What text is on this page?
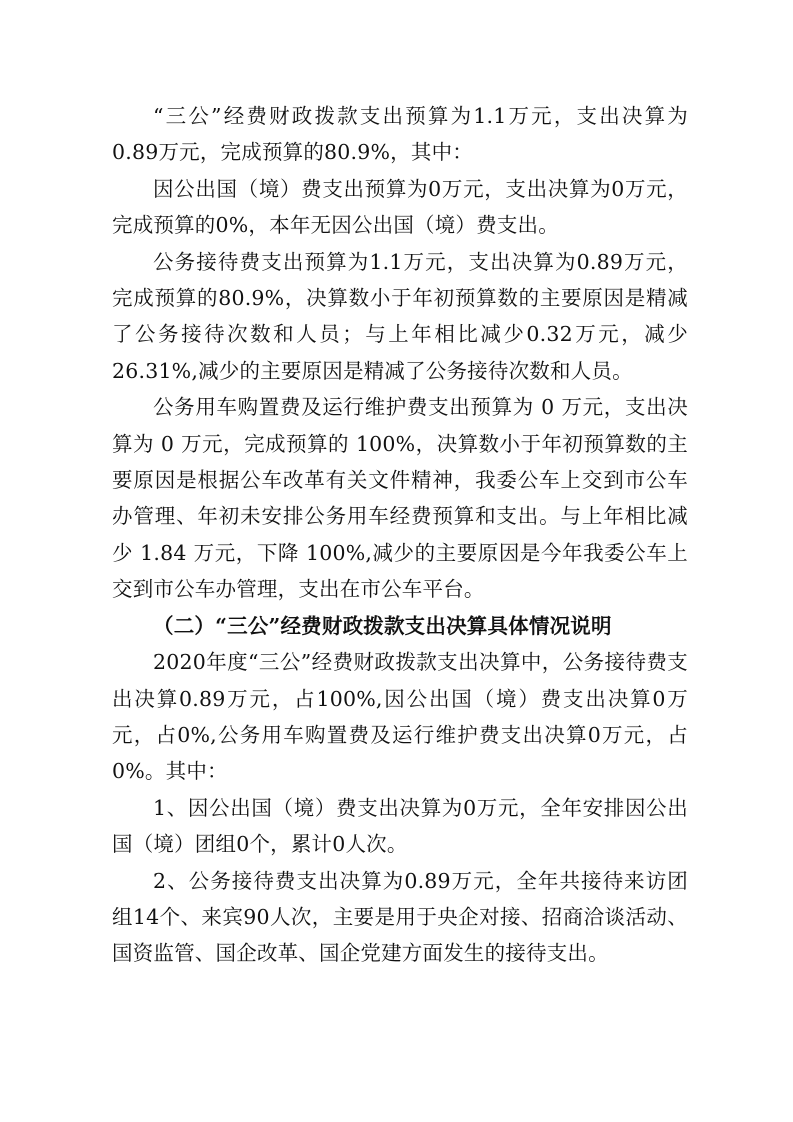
“三公”经费财政拨款支出预算为1.1万元，支出决算为0.89万元，完成预算的80.9%，其中：

因公出国（境）费支出预算为0万元，支出决算为0万元，完成预算的0%，本年无因公出国（境）费支出。

公务接待费支出预算为1.1万元，支出决算为0.89万元，完成预算的80.9%，决算数小于年初预算数的主要原因是精减了公务接待次数和人员；与上年相比减少0.32万元，减少26.31%,减少的主要原因是精减了公务接待次数和人员。

公务用车购置费及运行维护费支出预算为 0 万元，支出决算为 0 万元，完成预算的 100%，决算数小于年初预算数的主要原因是根据公车改革有关文件精神，我委公车上交到市公车办管理、年初未安排公务用车经费预算和支出。与上年相比减少 1.84 万元，下降 100%,减少的主要原因是今年我委公车上交到市公车办管理，支出在市公车平台。

（二）“三公”经费财政拨款支出决算具体情况说明

2020年度“三公”经费财政拨款支出决算中，公务接待费支出决算0.89万元，占100%,因公出国（境）费支出决算0万元，占0%,公务用车购置费及运行维护费支出决算0万元，占0%。其中：

1、因公出国（境）费支出决算为0万元，全年安排因公出国（境）团组0个，累计0人次。

2、公务接待费支出决算为0.89万元，全年共接待来访团组14个、来宾90人次，主要是用于央企对接、招商洽谈活动、国资监管、国企改革、国企党建方面发生的接待支出。
